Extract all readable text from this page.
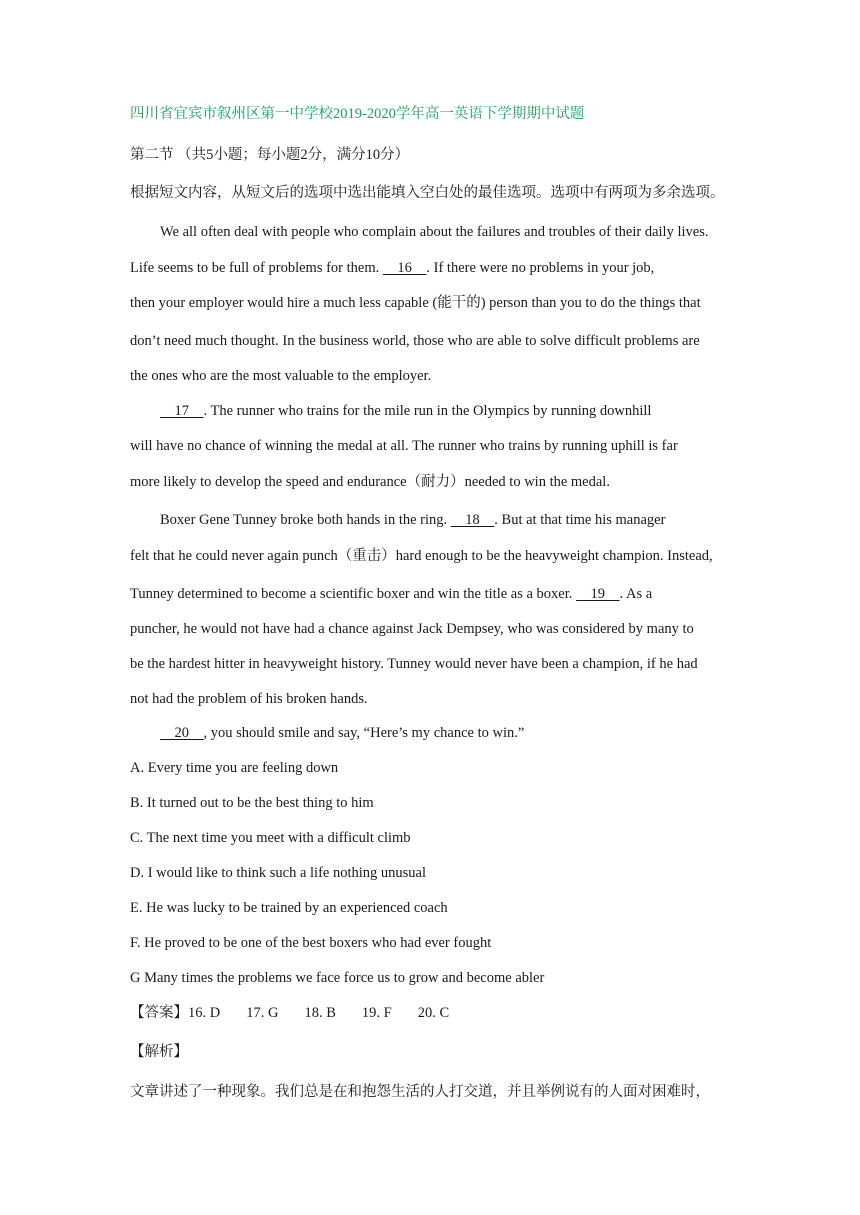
四川省宜宾市叙州区第一中学校2019-2020学年高一英语下学期期中试题
第二节 （共5小题；每小题2分，满分10分）
根据短文内容，从短文后的选项中选出能填入空白处的最佳选项。选项中有两项为多余选项。
We all often deal with people who complain about the failures and troubles of their daily lives.
Life seems to be full of problems for them.     16    . If there were no problems in your job,
then your employer would hire a much less capable (能干的) person than you to do the things that
don’t need much thought. In the business world, those who are able to solve difficult problems are
the ones who are the most valuable to the employer.
17    . The runner who trains for the mile run in the Olympics by running downhill
will have no chance of winning the medal at all. The runner who trains by running uphill is far
more likely to develop the speed and endurance（耐力）needed to win the medal.
Boxer Gene Tunney broke both hands in the ring.     18    . But at that time his manager
felt that he could never again punch（重击）hard enough to be the heavyweight champion. Instead,
Tunney determined to become a scientific boxer and win the title as a boxer.     19    . As a
puncher, he would not have had a chance against Jack Dempsey, who was considered by many to
be the hardest hitter in heavyweight history. Tunney would never have been a champion, if he had
not had the problem of his broken hands.
20    , you should smile and say, “Here’s my chance to win.”
A. Every time you are feeling down
B. It turned out to be the best thing to him
C. The next time you meet with a difficult climb
D. I would like to think such a life nothing unusual
E. He was lucky to be trained by an experienced coach
F. He proved to be one of the best boxers who had ever fought
G Many times the problems we face force us to grow and become abler
【答案】16. D 17. G 18. B 19. F 20. C
【解析】
文章讲述了一种现象。我们总是在和抱怨生活的人打交道，并且举例说有的人面对困难时，
